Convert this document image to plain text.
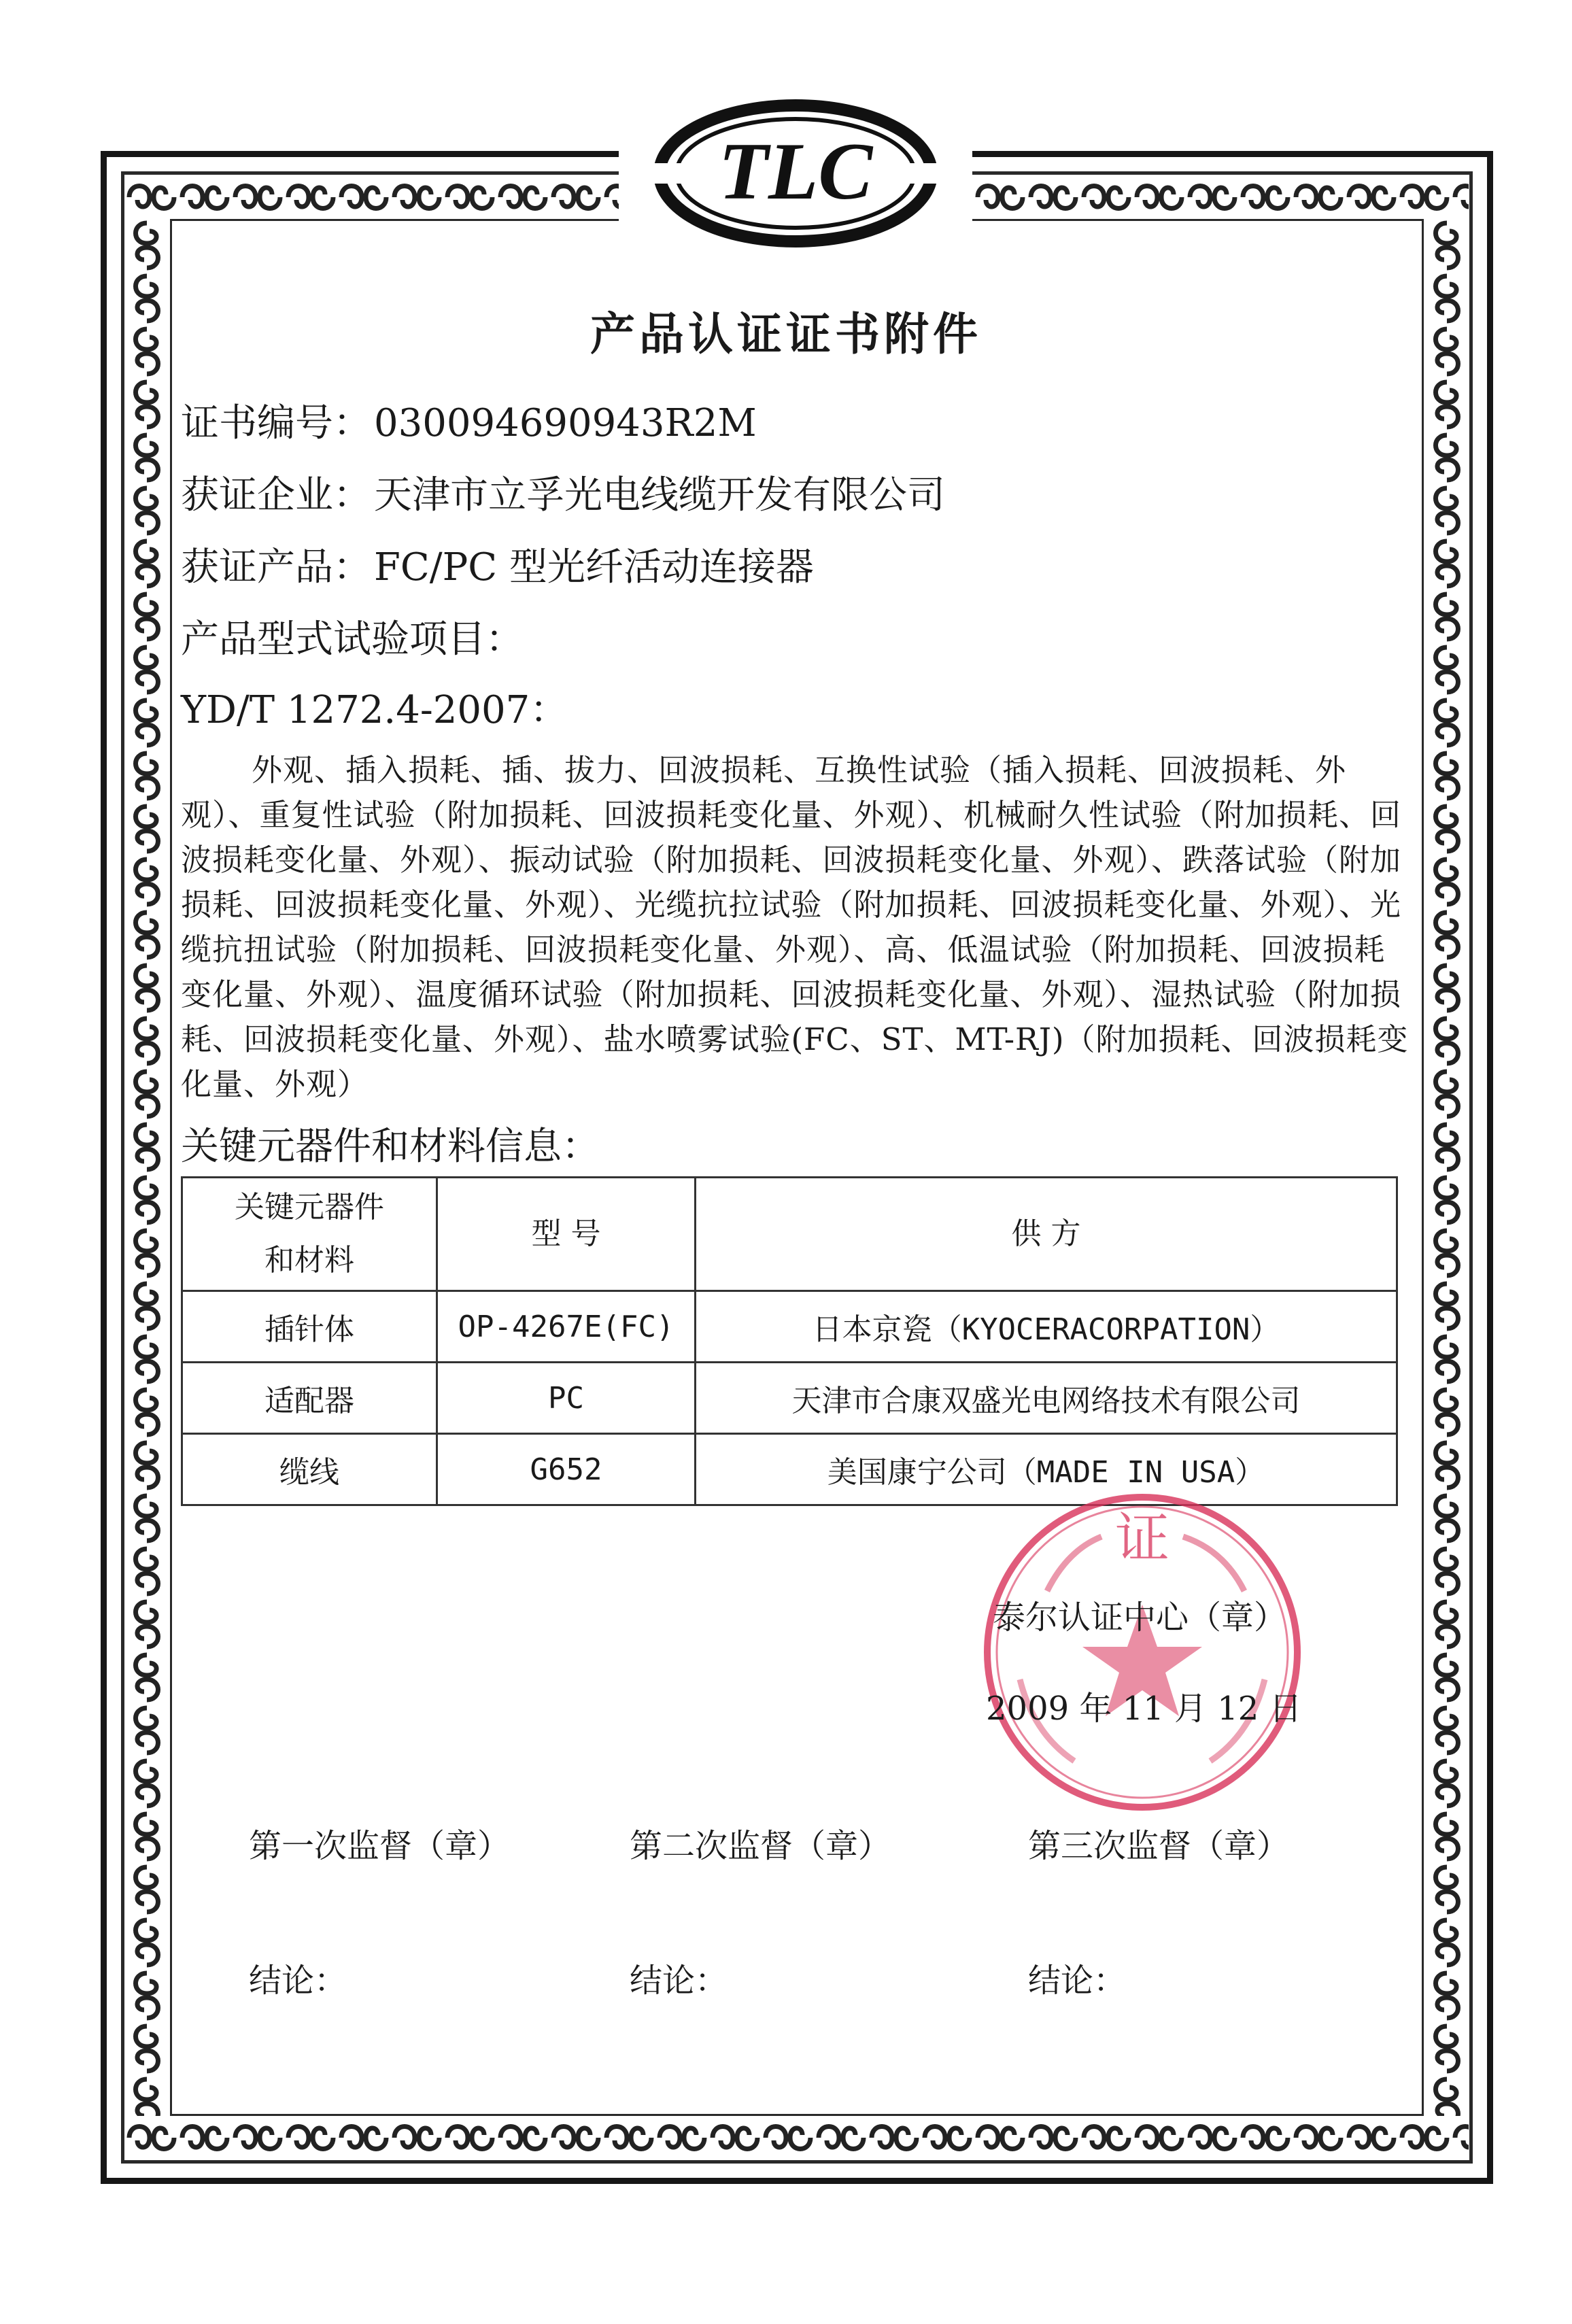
TLC
产品认证证书附件
证书编号：030094690943R2M
获证企业：天津市立孚光电线缆开发有限公司
获证产品：FC/PC 型光纤活动连接器
产品型式试验项目：
YD/T 1272.4-2007：
外观、插入损耗、插、拔力、回波损耗、互换性试验（插入损耗、回波损耗、外观）、重复性试验（附加损耗、回波损耗变化量、外观）、机械耐久性试验（附加损耗、回波损耗变化量、外观）、振动试验（附加损耗、回波损耗变化量、外观）、跌落试验（附加损耗、回波损耗变化量、外观）、光缆抗拉试验（附加损耗、回波损耗变化量、外观）、光缆抗扭试验（附加损耗、回波损耗变化量、外观）、高、低温试验（附加损耗、回波损耗变化量、外观）、温度循环试验（附加损耗、回波损耗变化量、外观）、湿热试验（附加损耗、回波损耗变化量、外观）、盐水喷雾试验(FC、ST、MT-RJ)（附加损耗、回波损耗变化量、外观）
关键元器件和材料信息：
关键元器件
和材料	型 号	供 方
插针体	OP-4267E(FC)	日本京瓷（KYOCERACORPATION）
适配器	PC	天津市合康双盛光电网络技术有限公司
缆线	G652	美国康宁公司（MADE IN USA）
证
泰尔认证中心（章）
2009 年 11 月 12 日
第一次监督（章）	第二次监督（章）	第三次监督（章）
结论：	结论：	结论：
